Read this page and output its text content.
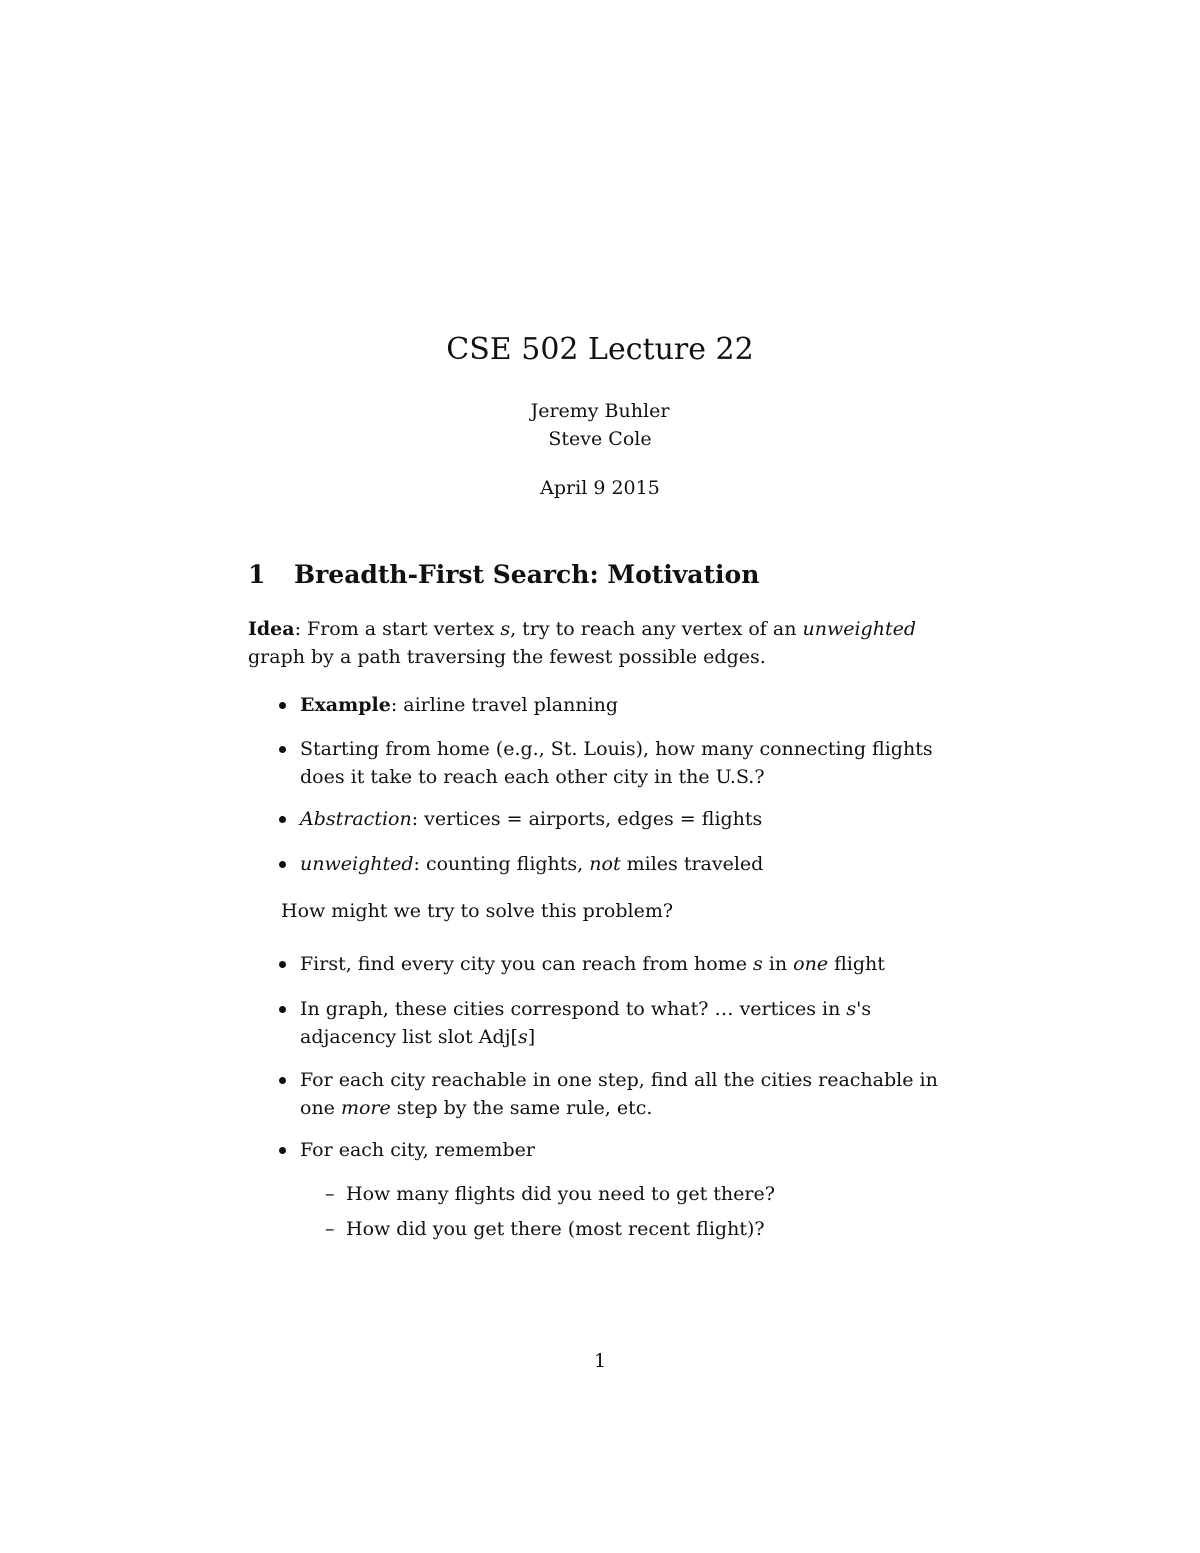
CSE 502 Lecture 22
Jeremy Buhler
Steve Cole
April 9 2015
1 Breadth-First Search: Motivation
Idea: From a start vertex s, try to reach any vertex of an unweighted graph by a path traversing the fewest possible edges.
Example: airline travel planning
Starting from home (e.g., St. Louis), how many connecting flights does it take to reach each other city in the U.S.?
Abstraction: vertices = airports, edges = flights
unweighted: counting flights, not miles traveled
How might we try to solve this problem?
First, find every city you can reach from home s in one flight
In graph, these cities correspond to what? … vertices in s's adjacency list slot Adj[s]
For each city reachable in one step, find all the cities reachable in one more step by the same rule, etc.
For each city, remember
– How many flights did you need to get there?
– How did you get there (most recent flight)?
1
